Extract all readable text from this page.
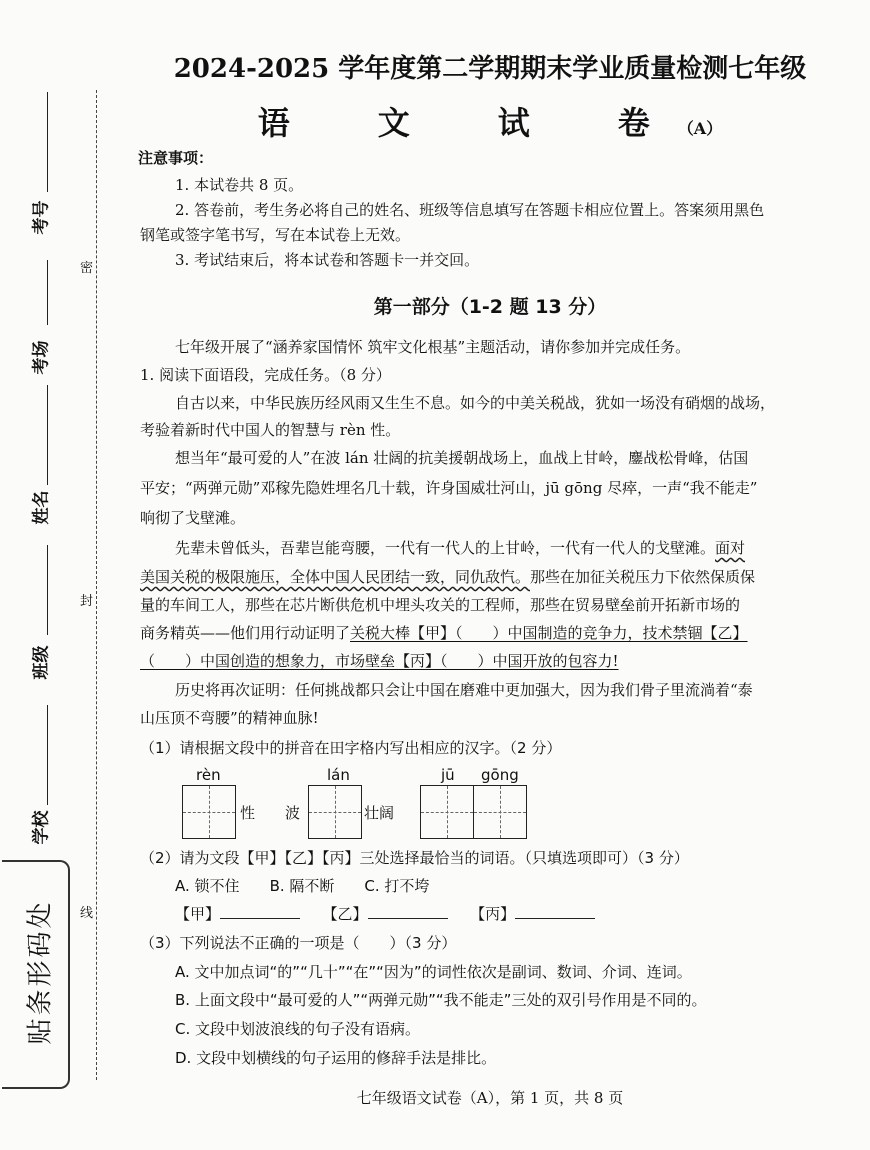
密
封
线
考号
考场
姓名
班级
学校
贴条形码处
2024-2025 学年度第二学期期末学业质量检测七年级
语　文　试　卷（A）
注意事项：
1. 本试卷共 8 页。
2. 答卷前，考生务必将自己的姓名、班级等信息填写在答题卡相应位置上。答案须用黑色
钢笔或签字笔书写，写在本试卷上无效。
3. 考试结束后，将本试卷和答题卡一并交回。
第一部分（1-2 题 13 分）
七年级开展了“涵养家国情怀 筑牢文化根基”主题活动，请你参加并完成任务。
1. 阅读下面语段，完成任务。（8 分）
自古以来，中华民族历经风雨又生生不息。如今的中美关税战，犹如一场没有硝烟的战场，
考验着新时代中国人的智慧与 rèn 性。
想当年“最可爱的人”在波 lán 壮阔的抗美援朝战场上，血战上甘岭，鏖战松骨峰，估国
平安；“两弹元勋”邓稼先隐姓埋名几十载，许身国威壮河山，jū gōng 尽瘁，一声“我不能走”
响彻了戈壁滩。
先辈未曾低头，吾辈岂能弯腰，一代有一代人的上甘岭，一代有一代人的戈壁滩。面对
美国关税的极限施压，全体中国人民团结一致，同仇敌忾。那些在加征关税压力下依然保质保
量的车间工人，那些在芯片断供危机中埋头攻关的工程师，那些在贸易壁垒前开拓新市场的
商务精英——他们用行动证明了关税大棒【甲】（　　）中国制造的竞争力，技术禁锢【乙】
（　　）中国创造的想象力，市场壁垒【丙】（　　）中国开放的包容力!
历史将再次证明：任何挑战都只会让中国在磨难中更加强大，因为我们骨子里流淌着“泰
山压顶不弯腰”的精神血脉!
（1）请根据文段中的拼音在田字格内写出相应的汉字。（2 分）
rèn	lán	jū gōng
性 波	壮阔
（2）请为文段【甲】【乙】【丙】三处选择最恰当的词语。（只填选项即可）（3 分）
A. 锁不住　　 B. 隔不断　　 C. 打不垮
【甲】　　	【乙】　　	【丙】
（3）下列说法不正确的一项是（　　）（3 分）
A. 文中加点词“的”“几十”“在”“因为”的词性依次是副词、数词、介词、连词。
B. 上面文段中“最可爱的人”“两弹元勋”“我不能走”三处的双引号作用是不同的。
C. 文段中划波浪线的句子没有语病。
D. 文段中划横线的句子运用的修辞手法是排比。
七年级语文试卷（A），第 1 页，共 8 页
